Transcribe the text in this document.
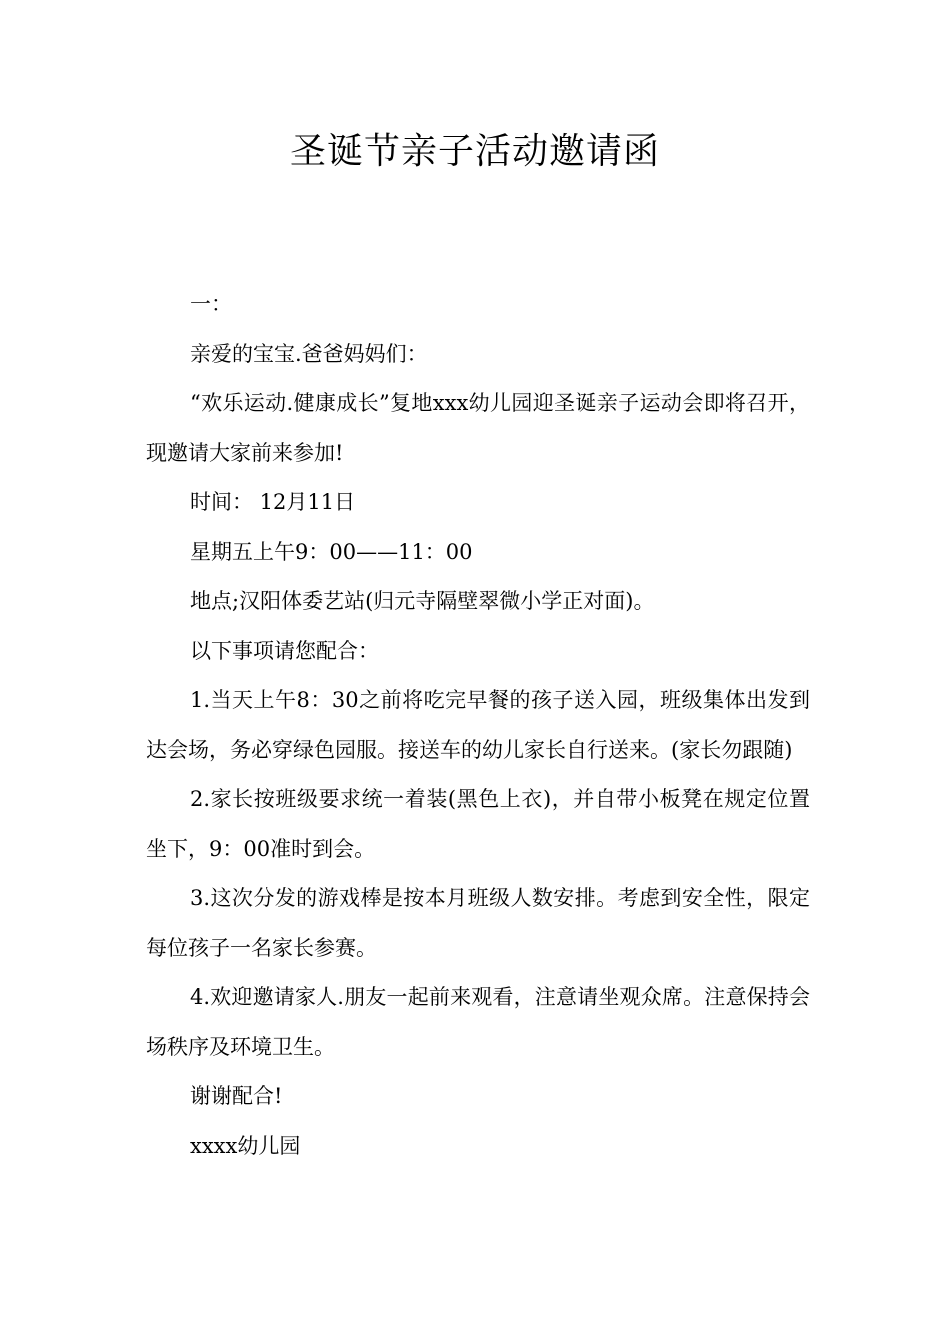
圣诞节亲子活动邀请函

一：

亲爱的宝宝.爸爸妈妈们：

“欢乐运动.健康成长”复地xxx幼儿园迎圣诞亲子运动会即将召开，现邀请大家前来参加!

时间： 12月11日

星期五上午9：00——11：00

地点;汉阳体委艺站(归元寺隔壁翠微小学正对面)。

以下事项请您配合：

1.当天上午8：30之前将吃完早餐的孩子送入园，班级集体出发到达会场，务必穿绿色园服。接送车的幼儿家长自行送来。(家长勿跟随)

2.家长按班级要求统一着装(黑色上衣)，并自带小板凳在规定位置坐下，9：00准时到会。

3.这次分发的游戏棒是按本月班级人数安排。考虑到安全性，限定每位孩子一名家长参赛。

4.欢迎邀请家人.朋友一起前来观看，注意请坐观众席。注意保持会场秩序及环境卫生。

谢谢配合!

xxxx幼儿园
